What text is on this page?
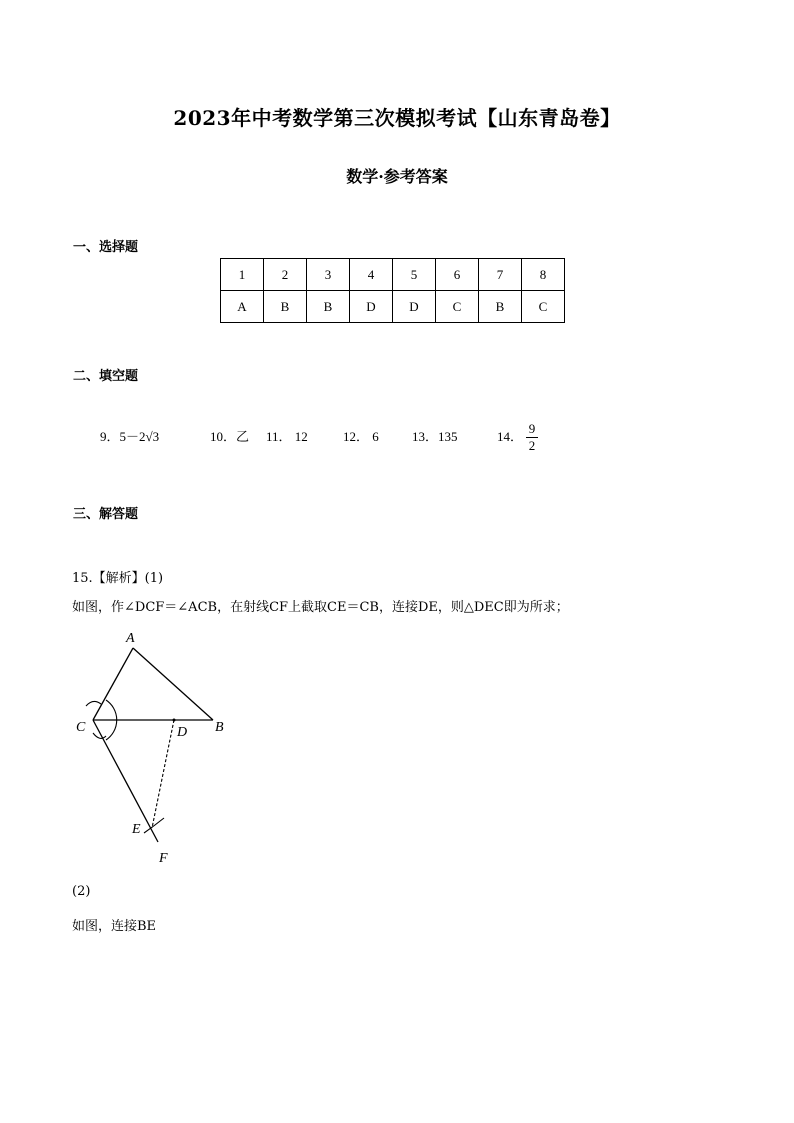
2023年中考数学第三次模拟考试【山东青岛卷】
数学·参考答案
一、选择题
1	2	3	4	5	6	7	8
A	B	B	D	D	C	B	C
二、填空题
9．5－2√3	10．乙 11． 12	12． 6	13．135	14．
9
2
三、解答题
15.【解析】(1)
如图，作∠DCF＝∠ACB，在射线CF上截取CE＝CB，连接DE，则△DEC即为所求；
A
B
C	D
E
F
(2)
如图，连接BE
